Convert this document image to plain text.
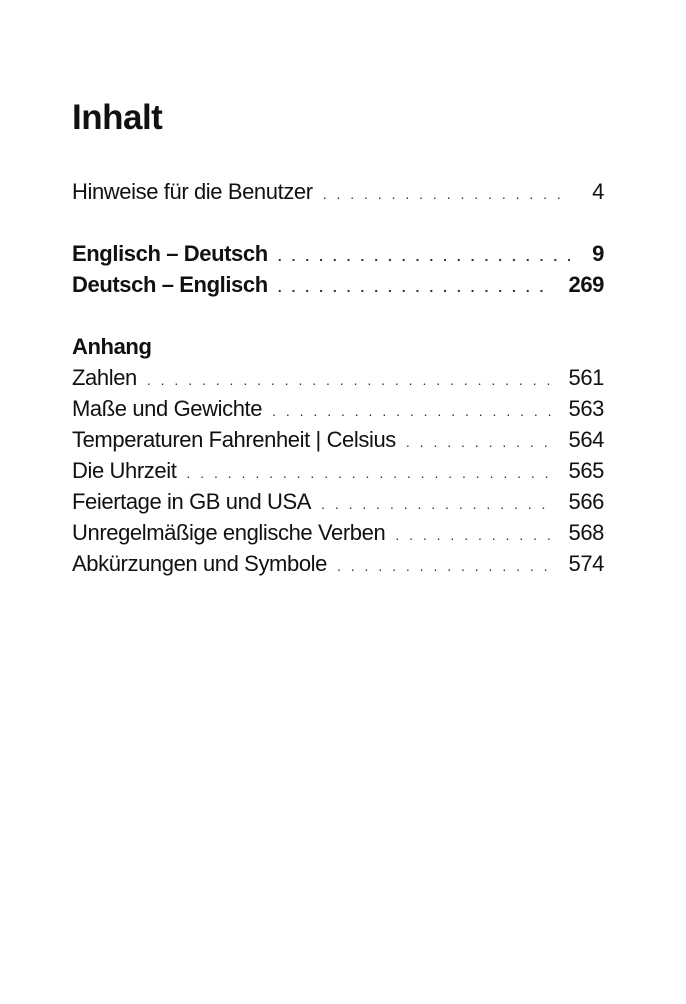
Inhalt
Hinweise für die Benutzer . . .	4
Englisch – Deutsch . . .	9
Deutsch – Englisch . . .	269
Anhang
Zahlen . . .	561
Maße und Gewichte . . .	563
Temperaturen Fahrenheit | Celsius . . .	564
Die Uhrzeit . . .	565
Feiertage in GB und USA . . .	566
Unregelmäßige englische Verben . . .	568
Abkürzungen und Symbole . . .	574
